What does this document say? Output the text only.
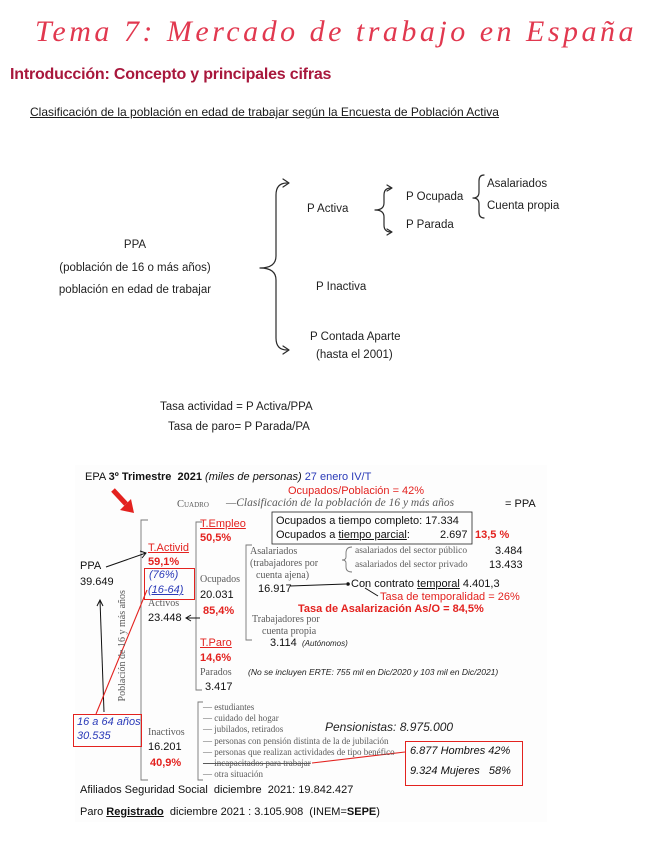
Tema 7: Mercado de trabajo en España
Introducción: Concepto y principales cifras
Clasificación de la población en edad de trabajar según la Encuesta de Población Activa
PPA
(población de 16 o más años)
población en edad de trabajar
P Activa
P Ocupada
P Parada
Asalariados
Cuenta propia
P Inactiva
P Contada Aparte
(hasta el 2001)
Tasa actividad = P Activa/PPA
Tasa de paro= P Parada/PA
EPA 3º Trimestre  2021 (miles de personas) 27 enero IV/T
Ocupados/Población = 42%
Cuadro —Clasificación de la población de 16 y más años	= PPA
PPA
39.649
Población de 16 y más años
T.Empleo
50,5%
T.Activid
59,1%
(76%)
(16-64)
Ocupados
20.031
Activos
23.448
85,4%
Ocupados a tiempo completo: 17.334
Ocupados a tiempo parcial:	2.697 13,5 %
Asalariados
(trabajadores por
cuenta ajena)
16.917
asalariados del sector público	3.484
asalariados del sector privado 13.433
Con contrato temporal 4.401,3
Tasa de temporalidad = 26%
Trabajadores por
cuenta propia
Tasa de Asalarización As/O = 84,5%
3.114 (Autónomos)
T.Paro
14,6%
Parados
3.417
(No se incluyen ERTE: 755 mil en Dic/2020 y 103 mil en Dic/2021)
— estudiantes
— cuidado del hogar
— jubilados, retirados
— personas con pensión distinta de la de jubilación
— personas que realizan actividades de tipo benéfico
— incapacitados para trabajar
— otra situación
Pensionistas: 8.975.000
Inactivos
16.201
40,9%
16 a 64 años
30.535
6.877 Hombres 42%
9.324 Mujeres   58%
Afiliados Seguridad Social  diciembre  2021: 19.842.427
Paro Registrado  diciembre 2021 : 3.105.908  (INEM=SEPE)
